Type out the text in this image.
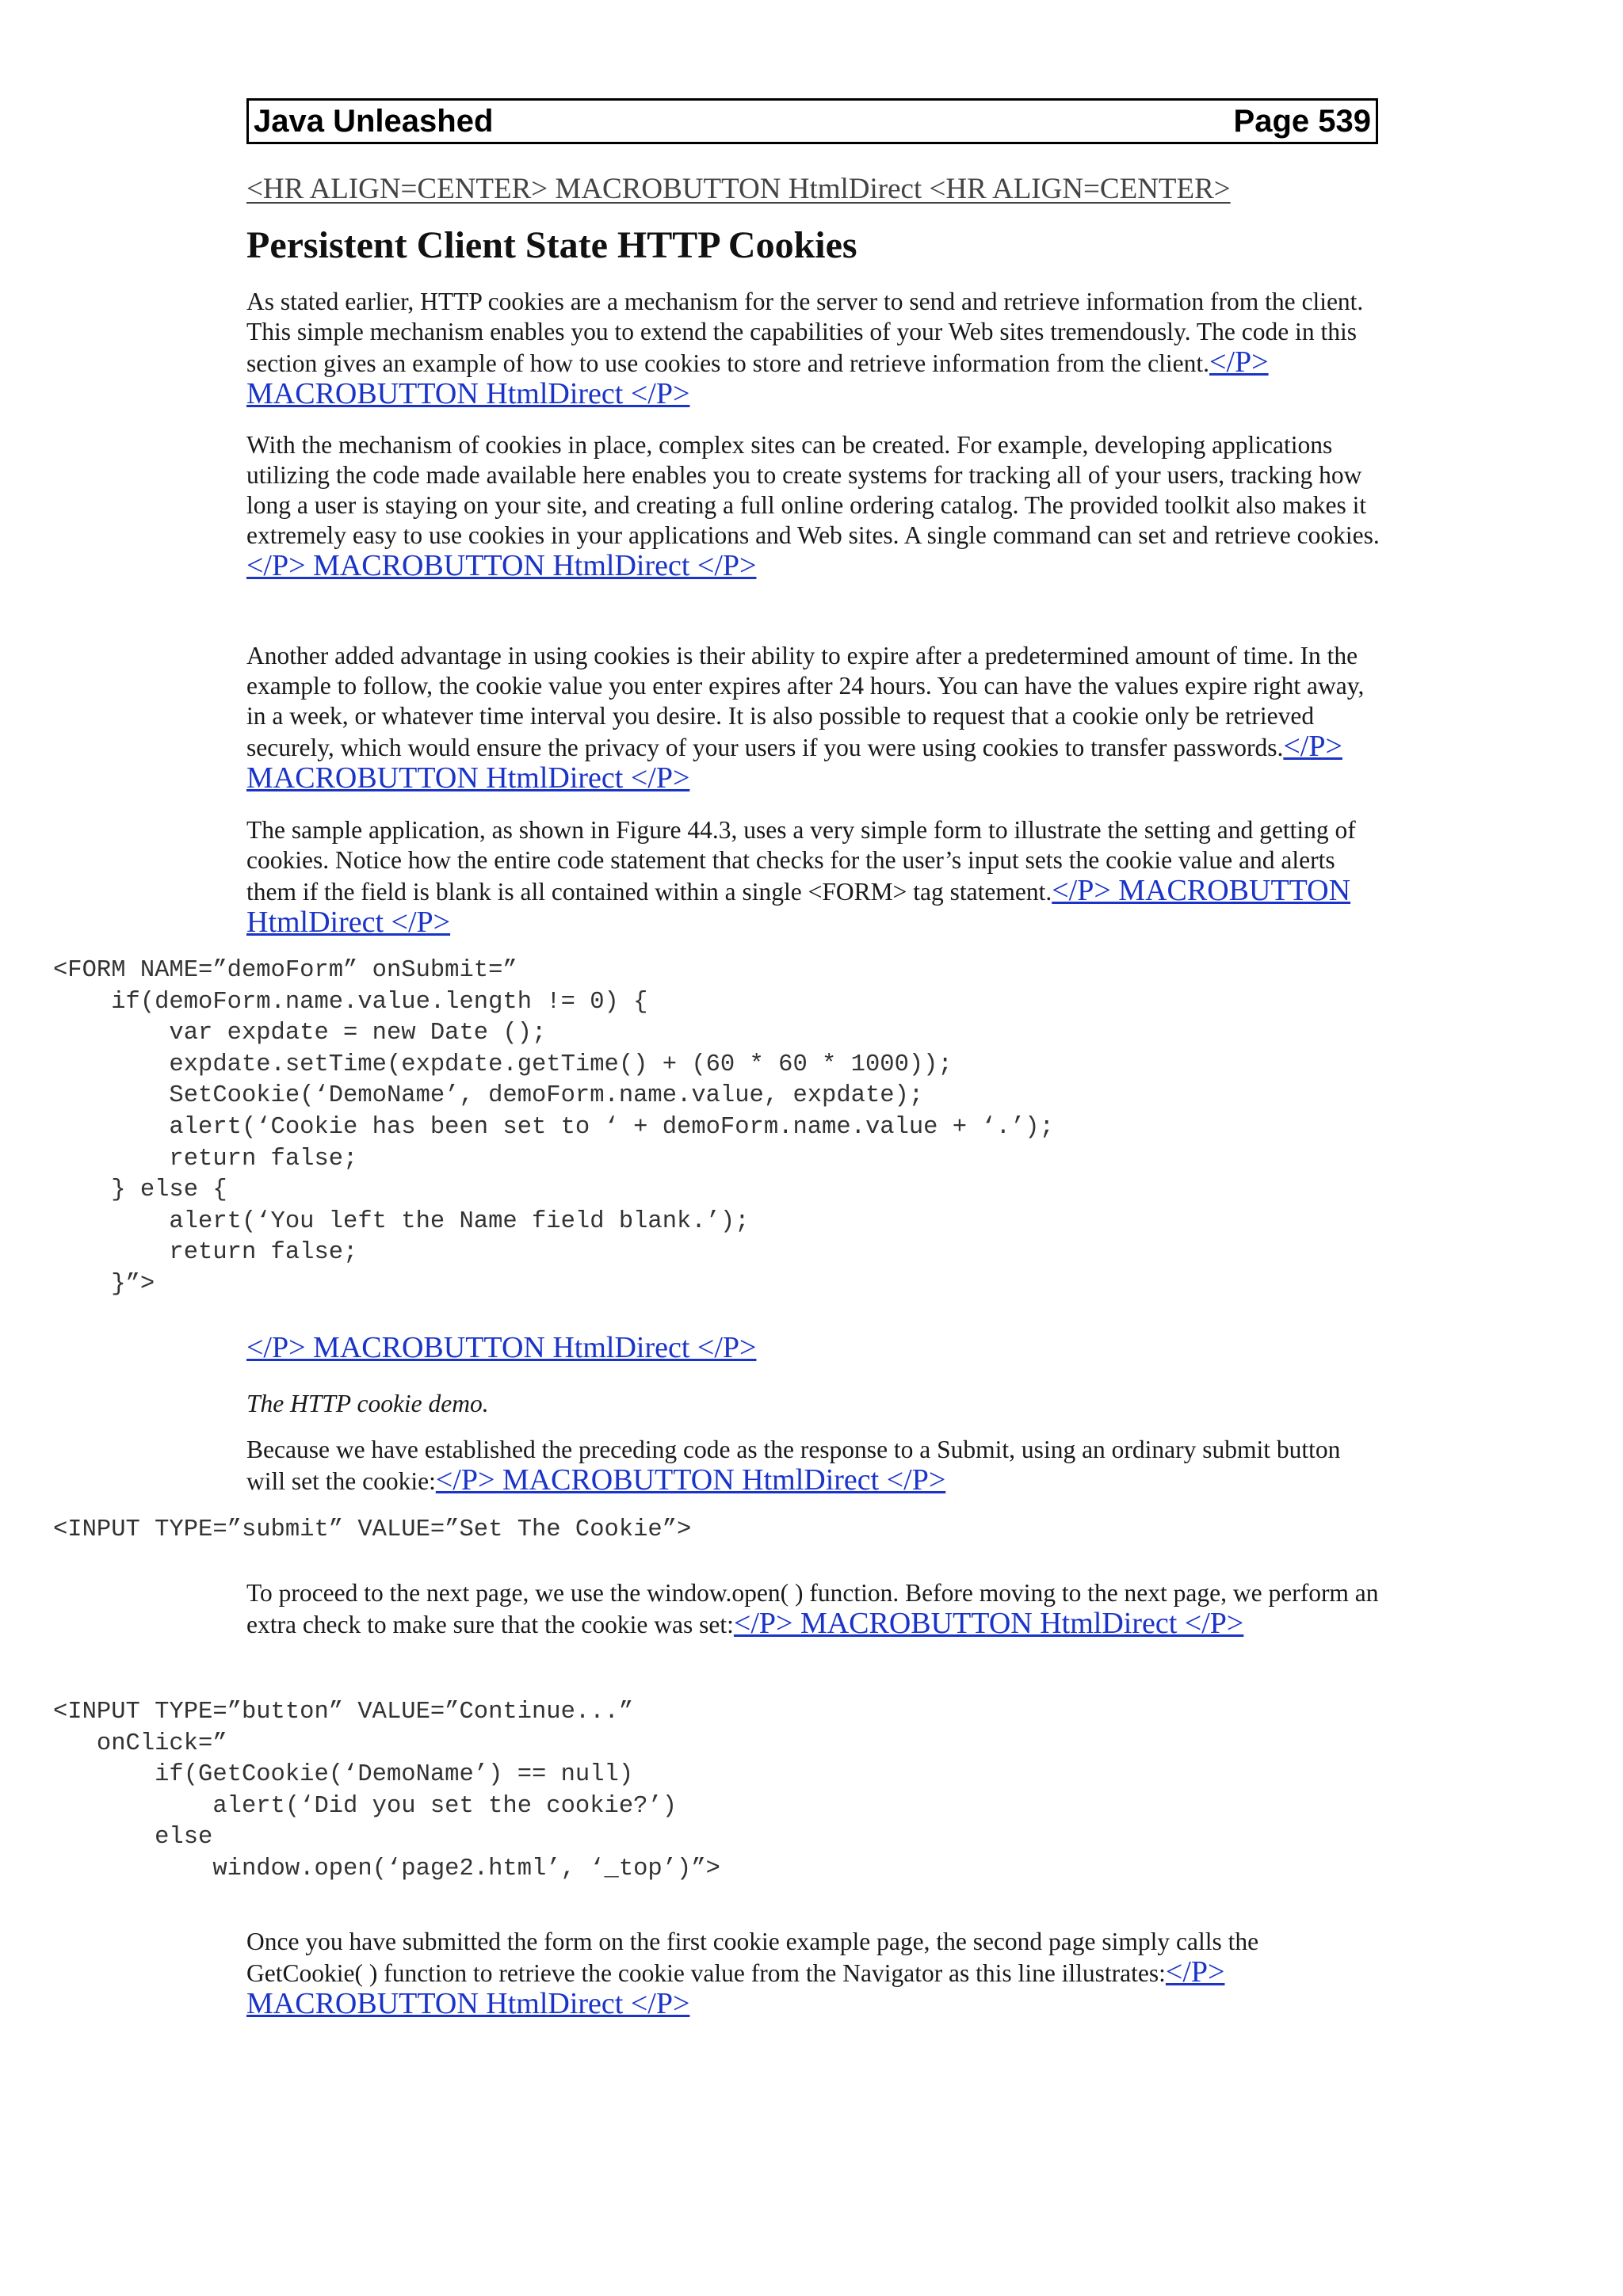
Java Unleashed	Page 539
<HR ALIGN=CENTER> MACROBUTTON HtmlDirect <HR ALIGN=CENTER>
Persistent Client State HTTP Cookies

As stated earlier, HTTP cookies are a mechanism for the server to send and retrieve information from the client. This simple mechanism enables you to extend the capabilities of your Web sites tremendously. The code in this section gives an example of how to use cookies to store and retrieve information from the client.</P> MACROBUTTON HtmlDirect </P>

With the mechanism of cookies in place, complex sites can be created. For example, developing applications utilizing the code made available here enables you to create systems for tracking all of your users, tracking how long a user is staying on your site, and creating a full online ordering catalog. The provided toolkit also makes it extremely easy to use cookies in your applications and Web sites. A single command can set and retrieve cookies.</P> MACROBUTTON HtmlDirect </P>

Another added advantage in using cookies is their ability to expire after a predetermined amount of time. In the example to follow, the cookie value you enter expires after 24 hours. You can have the values expire right away, in a week, or whatever time interval you desire. It is also possible to request that a cookie only be retrieved securely, which would ensure the privacy of your users if you were using cookies to transfer passwords.</P> MACROBUTTON HtmlDirect </P>

The sample application, as shown in Figure 44.3, uses a very simple form to illustrate the setting and getting of cookies. Notice how the entire code statement that checks for the user’s input sets the cookie value and alerts them if the field is blank is all contained within a single <FORM> tag statement.</P> MACROBUTTON HtmlDirect </P>

<FORM NAME=”demoForm” onSubmit=”
if(demoForm.name.value.length != 0) {
var expdate = new Date ();
expdate.setTime(expdate.getTime() + (60 * 60 * 1000));
SetCookie(‘DemoName’, demoForm.name.value, expdate);
alert(‘Cookie has been set to ‘ + demoForm.name.value + ‘.’);
return false;
} else {
alert(‘You left the Name field blank.’);
return false;
}”>

</P> MACROBUTTON HtmlDirect </P>

The HTTP cookie demo.

Because we have established the preceding code as the response to a Submit, using an ordinary submit button will set the cookie:</P> MACROBUTTON HtmlDirect </P>

<INPUT TYPE=”submit” VALUE=”Set The Cookie”>

To proceed to the next page, we use the window.open( ) function. Before moving to the next page, we perform an extra check to make sure that the cookie was set:</P> MACROBUTTON HtmlDirect </P>

<INPUT TYPE=”button” VALUE=”Continue...”
onClick=”
if(GetCookie(‘DemoName’) == null)
alert(‘Did you set the cookie?’)
else
window.open(‘page2.html’, ‘_top’)”>

Once you have submitted the form on the first cookie example page, the second page simply calls the GetCookie( ) function to retrieve the cookie value from the Navigator as this line illustrates:</P> MACROBUTTON HtmlDirect </P>
